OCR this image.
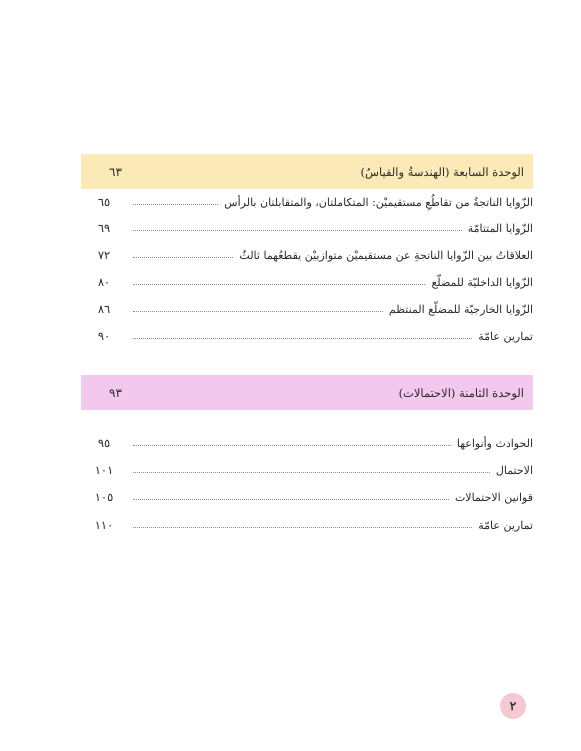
٦٣	الوحدة السابعة (الهندسةُ والقياسُ)
الزّوايا الناتجةُ من تقاطُعِ مستقيميْن: المتكاملتان، والمتقابلتان بالرأس
٦٥
الزّوايا المتتامّة
٦٩
العلاقاتُ بين الزّوايا الناتجةِ عن مستقيميْن متوازييْن يقطعُهما ثالثٌ
٧٢
الزّوايا الداخليّة للمضلّع
٨٠
الزّوايا الخارجيّة للمضلّع المنتظم
٨٦
تمارين عامّة
٩٠
٩٣	الوحدة الثامنة (الاحتمالات)
الحوادث وأنواعها
٩٥
الاحتمال
١٠١
قوانين الاحتمالات
١٠٥
تمارين عامّة
١١٠
٢
